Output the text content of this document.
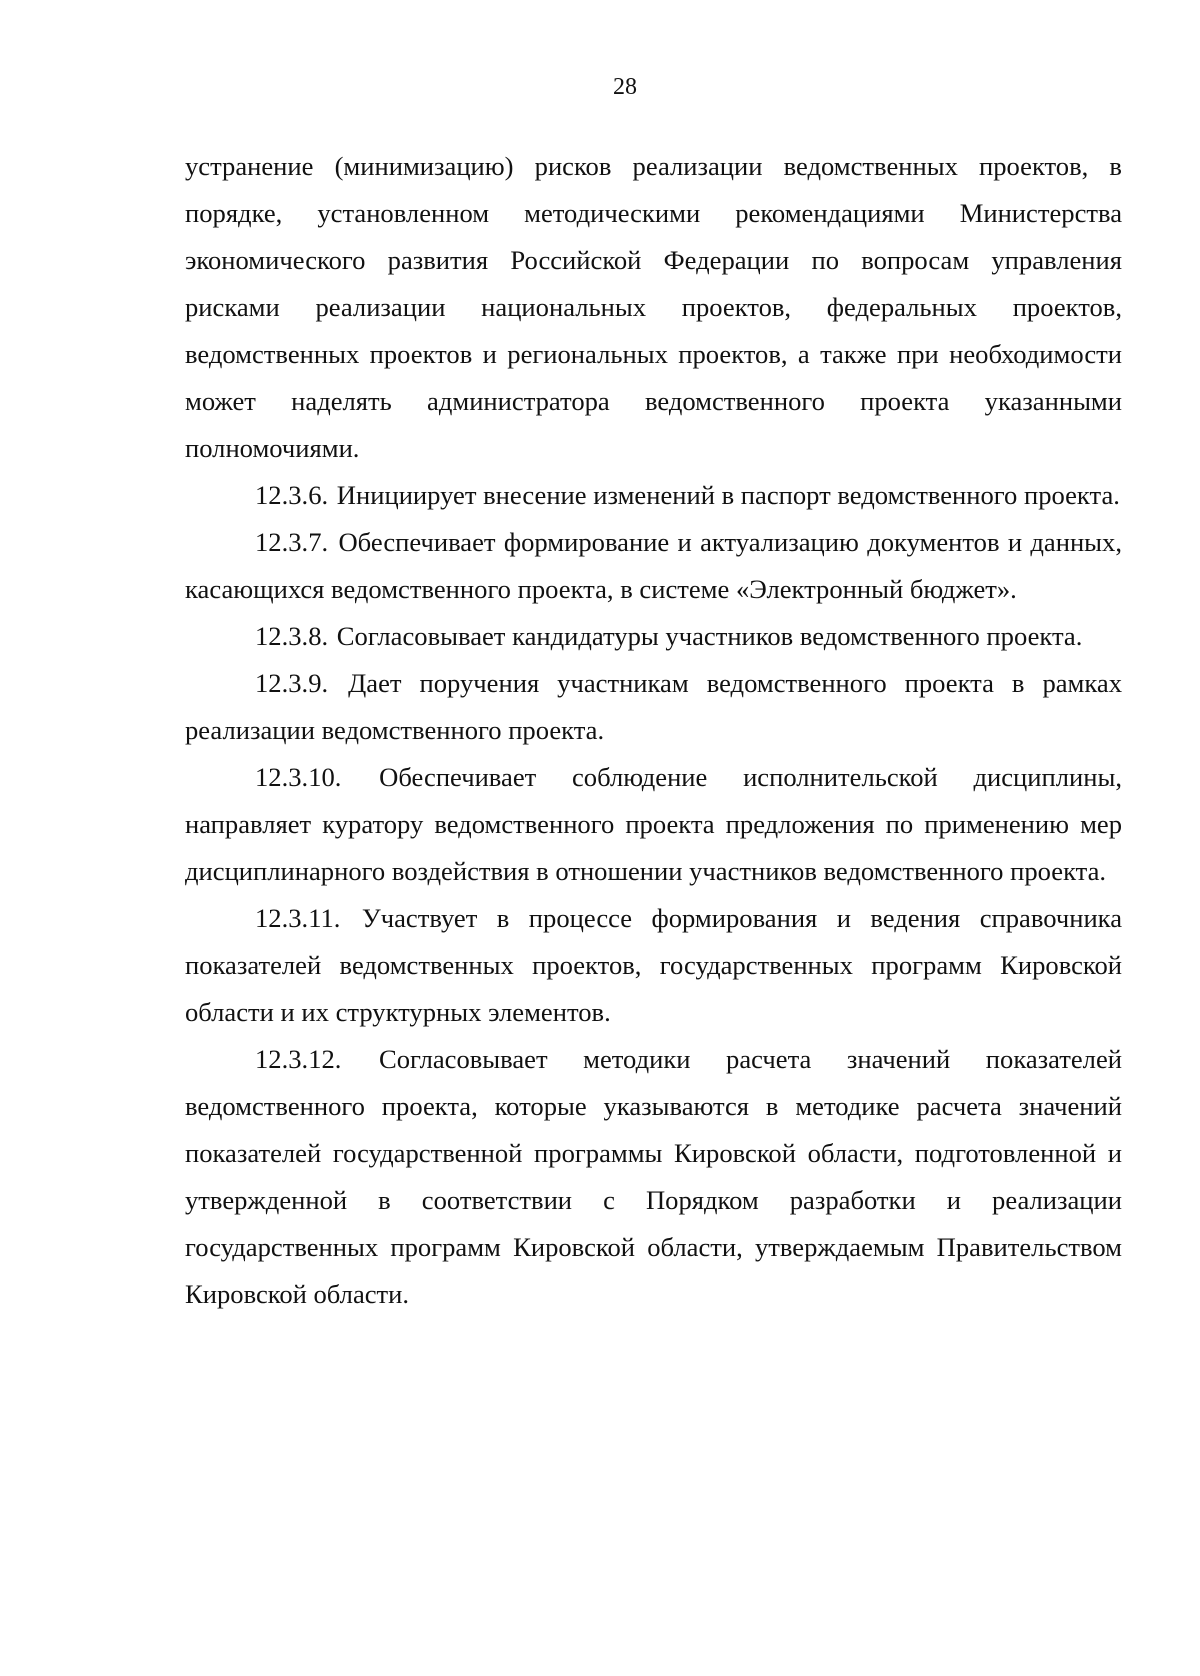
28

устранение (минимизацию) рисков реализации ведомственных проектов, в порядке, установленном методическими рекомендациями Министерства экономического развития Российской Федерации по вопросам управления рисками реализации национальных проектов, федеральных проектов, ведомственных проектов и региональных проектов, а также при необходимости может наделять администратора ведомственного проекта указанными полномочиями.

12.3.6. Инициирует внесение изменений в паспорт ведомственного проекта.

12.3.7. Обеспечивает формирование и актуализацию документов и данных, касающихся ведомственного проекта, в системе «Электронный бюджет».

12.3.8. Согласовывает кандидатуры участников ведомственного проекта.

12.3.9. Дает поручения участникам ведомственного проекта в рамках реализации ведомственного проекта.

12.3.10. Обеспечивает соблюдение исполнительской дисциплины, направляет куратору ведомственного проекта предложения по применению мер дисциплинарного воздействия в отношении участников ведомственного проекта.

12.3.11. Участвует в процессе формирования и ведения справочника показателей ведомственных проектов, государственных программ Кировской области и их структурных элементов.

12.3.12. Согласовывает методики расчета значений показателей ведомственного проекта, которые указываются в методике расчета значений показателей государственной программы Кировской области, подготовленной и утвержденной в соответствии с Порядком разработки и реализации государственных программ Кировской области, утверждаемым Правительством Кировской области.
